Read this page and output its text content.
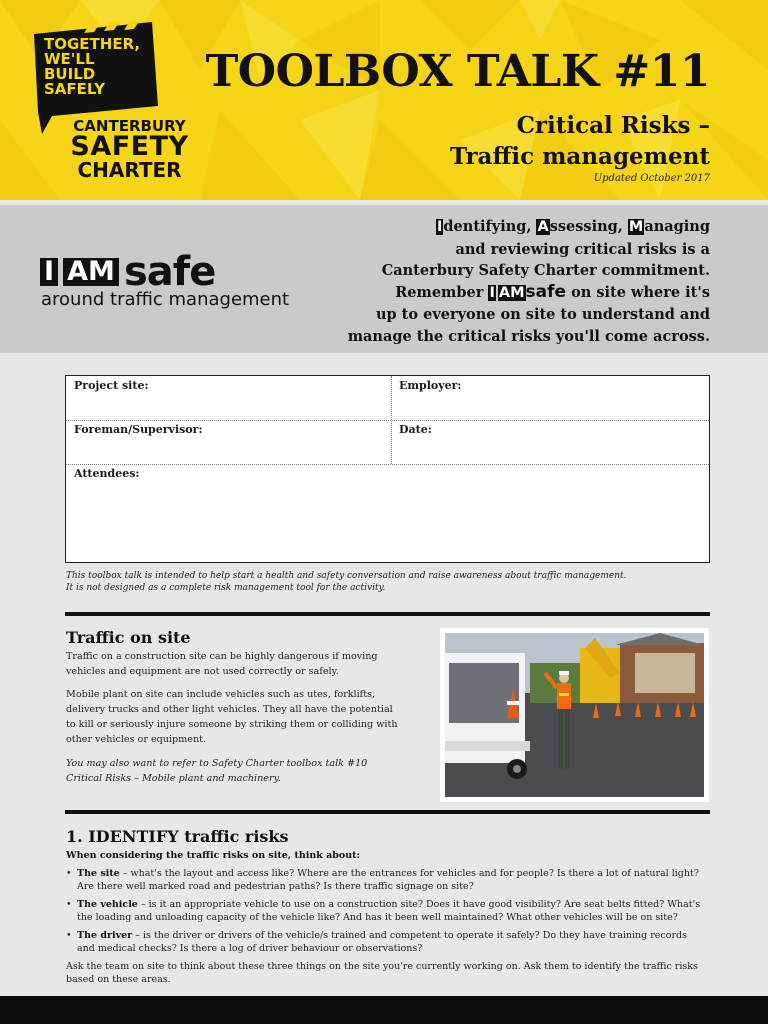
TOGETHER,
WE'LL
BUILD
SAFELY
CANTERBURY
SAFETY
CHARTER
TOOLBOX TALK #11
Critical Risks –
Traffic management
Updated October 2017
I AM safe
around traffic management
Identifying, Assessing, Managing
and reviewing critical risks is a
Canterbury Safety Charter commitment.
Remember I AMsafe on site where it's
up to everyone on site to understand and
manage the critical risks you'll come across.
Project site:	Employer:
Foreman/Supervisor:	Date:
Attendees:
This toolbox talk is intended to help start a health and safety conversation and raise awareness about traffic management.
It is not designed as a complete risk management tool for the activity.
Traffic on site
Traffic on a construction site can be highly dangerous if moving vehicles and equipment are not used correctly or safely.
Mobile plant on site can include vehicles such as utes, forklifts, delivery trucks and other light vehicles. They all have the potential to kill or seriously injure someone by striking them or colliding with other vehicles or equipment.
You may also want to refer to Safety Charter toolbox talk #10 Critical Risks – Mobile plant and machinery.
1. IDENTIFY traffic risks
When considering the traffic risks on site, think about:
• The site – what's the layout and access like? Where are the entrances for vehicles and for people? Is there a lot of natural light? Are there well marked road and pedestrian paths? Is there traffic signage on site?
• The vehicle – is it an appropriate vehicle to use on a construction site? Does it have good visibility? Are seat belts fitted? What's the loading and unloading capacity of the vehicle like? And has it been well maintained? What other vehicles will be on site?
• The driver – is the driver or drivers of the vehicle/s trained and competent to operate it safely? Do they have training records and medical checks? Is there a log of driver behaviour or observations?
Ask the team on site to think about these three things on the site you're currently working on. Ask them to identify the traffic risks based on these areas.
